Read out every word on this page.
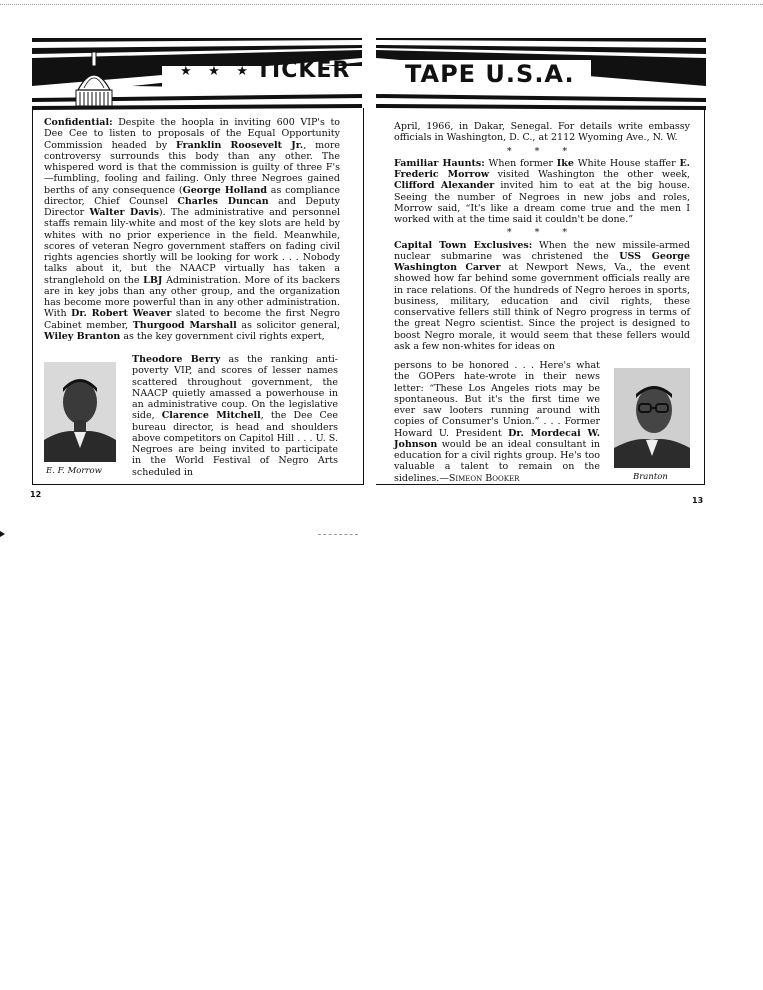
★ ★ ★ TICKER TAPE U.S.A.

Confidential: Despite the hoopla in inviting 600 VIP's to Dee Cee to listen to proposals of the Equal Opportunity Commission headed by Franklin Roosevelt Jr., more controversy surrounds this body than any other. The whispered word is that the commission is guilty of three F's—fumbling, fooling and failing. Only three Negroes gained berths of any consequence (George Holland as compliance director, Chief Counsel Charles Duncan and Deputy Director Walter Davis). The administrative and personnel staffs remain lily-white and most of the key slots are held by whites with no prior experience in the field. Meanwhile, scores of veteran Negro government staffers on fading civil rights agencies shortly will be looking for work . . . Nobody talks about it, but the NAACP virtually has taken a stranglehold on the LBJ Administration. More of its backers are in key jobs than any other group, and the organization has become more powerful than in any other administration. With Dr. Robert Weaver slated to become the first Negro Cabinet member, Thurgood Marshall as solicitor general, Wiley Branton as the key government civil rights expert,

E. F. Morrow

Theodore Berry as the ranking anti-poverty VIP, and scores of lesser names scattered throughout government, the NAACP quietly amassed a powerhouse in an administrative coup. On the legislative side, Clarence Mitchell, the Dee Cee bureau director, is head and shoulders above competitors on Capitol Hill . . . U. S. Negroes are being invited to participate in the World Festival of Negro Arts scheduled in

April, 1966, in Dakar, Senegal. For details write embassy officials in Washington, D. C., at 2112 Wyoming Ave., N. W.

* * *

Familiar Haunts: When former Ike White House staffer E. Frederic Morrow visited Washington the other week, Clifford Alexander invited him to eat at the big house. Seeing the number of Negroes in new jobs and roles, Morrow said, “It's like a dream come true and the men I worked with at the time said it couldn't be done.”

* * *

Capital Town Exclusives: When the new missile-armed nuclear submarine was christened the USS George Washington Carver at Newport News, Va., the event showed how far behind some government officials really are in race relations. Of the hundreds of Negro heroes in sports, business, military, education and civil rights, these conservative fellers still think of Negro progress in terms of the great Negro scientist. Since the project is designed to boost Negro morale, it would seem that these fellers would ask a few non-whites for ideas on

persons to be honored . . . Here's what the GOPers hate-wrote in their news letter: “These Los Angeles riots may be spontaneous. But it's the first time we ever saw looters running around with copies of Consumer's Union.” . . . Former Howard U. President Dr. Mordecai W. Johnson would be an ideal consultant in education for a civil rights group. He's too valuable a talent to remain on the sidelines.—Simeon Booker	Branton
12
13
